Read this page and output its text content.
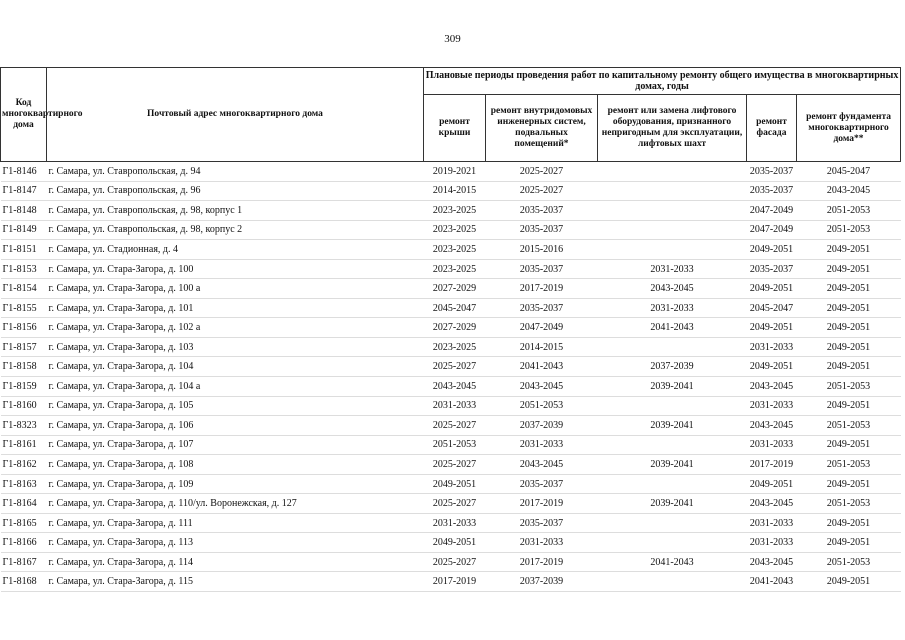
309
Код многоквартирного дома	Почтовый адрес многоквартирного дома	Плановые периоды проведения работ по капитальному ремонту общего имущества в многоквартирных домах, годы				
		ремонт крыши	ремонт внутридомовых инженерных систем, подвальных помещений*	ремонт или замена лифтового оборудования, признанного непригодным для эксплуатации, лифтовых шахт	ремонт фасада	ремонт фундамента многоквартирного дома**
Г1-8146	г. Самара, ул. Ставропольская, д. 94	2019-2021	2025-2027		2035-2037	2045-2047
Г1-8147	г. Самара, ул. Ставропольская, д. 96	2014-2015	2025-2027		2035-2037	2043-2045
Г1-8148	г. Самара, ул. Ставропольская, д. 98, корпус 1	2023-2025	2035-2037		2047-2049	2051-2053
Г1-8149	г. Самара, ул. Ставропольская, д. 98, корпус 2	2023-2025	2035-2037		2047-2049	2051-2053
Г1-8151	г. Самара, ул. Стадионная, д. 4	2023-2025	2015-2016		2049-2051	2049-2051
Г1-8153	г. Самара, ул. Стара-Загора, д. 100	2023-2025	2035-2037	2031-2033	2035-2037	2049-2051
Г1-8154	г. Самара, ул. Стара-Загора, д. 100 а	2027-2029	2017-2019	2043-2045	2049-2051	2049-2051
Г1-8155	г. Самара, ул. Стара-Загора, д. 101	2045-2047	2035-2037	2031-2033	2045-2047	2049-2051
Г1-8156	г. Самара, ул. Стара-Загора, д. 102 а	2027-2029	2047-2049	2041-2043	2049-2051	2049-2051
Г1-8157	г. Самара, ул. Стара-Загора, д. 103	2023-2025	2014-2015		2031-2033	2049-2051
Г1-8158	г. Самара, ул. Стара-Загора, д. 104	2025-2027	2041-2043	2037-2039	2049-2051	2049-2051
Г1-8159	г. Самара, ул. Стара-Загора, д. 104 а	2043-2045	2043-2045	2039-2041	2043-2045	2051-2053
Г1-8160	г. Самара, ул. Стара-Загора, д. 105	2031-2033	2051-2053		2031-2033	2049-2051
Г1-8323	г. Самара, ул. Стара-Загора, д. 106	2025-2027	2037-2039	2039-2041	2043-2045	2051-2053
Г1-8161	г. Самара, ул. Стара-Загора, д. 107	2051-2053	2031-2033		2031-2033	2049-2051
Г1-8162	г. Самара, ул. Стара-Загора, д. 108	2025-2027	2043-2045	2039-2041	2017-2019	2051-2053
Г1-8163	г. Самара, ул. Стара-Загора, д. 109	2049-2051	2035-2037		2049-2051	2049-2051
Г1-8164	г. Самара, ул. Стара-Загора, д. 110/ул. Воронежская, д. 127	2025-2027	2017-2019	2039-2041	2043-2045	2051-2053
Г1-8165	г. Самара, ул. Стара-Загора, д. 111	2031-2033	2035-2037		2031-2033	2049-2051
Г1-8166	г. Самара, ул. Стара-Загора, д. 113	2049-2051	2031-2033		2031-2033	2049-2051
Г1-8167	г. Самара, ул. Стара-Загора, д. 114	2025-2027	2017-2019	2041-2043	2043-2045	2051-2053
Г1-8168	г. Самара, ул. Стара-Загора, д. 115	2017-2019	2037-2039		2041-2043	2049-2051
